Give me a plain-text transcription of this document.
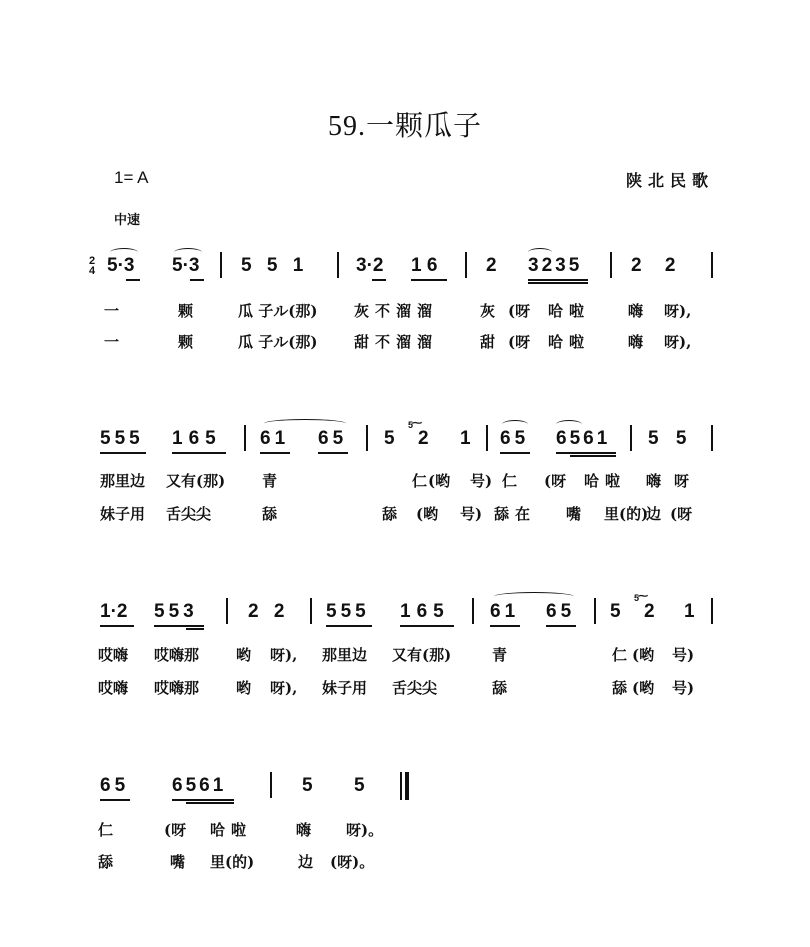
59.一颗瓜子
1= A	陕北民歌
中速
2
4 5·3 5·3 5 5 1	3·2 1 6	2 3235	2 2
一	颗	瓜 子ル(那) 灰不溜溜	灰 (呀 哈啦	嗨 呀),
一	颗	瓜 子ル(那) 甜不溜溜	甜 (呀 哈啦	嗨 呀),
555 165 61 65 5
5
⁓
2 1 65 6561 5 5
那里边 又有(那) 青	仁 (哟 号) 仁 (呀 哈啦 嗨 呀
妹子用 舌尖尖	舔	舔 (哟 号) 舔在 嘴 里(的)
边 (呀
1·2 553	2 2 555 165 61 65 5
5
⁓
2 1
哎嗨 哎嗨那 哟 呀), 那里边 又有(那)	青	仁 (哟 号)
哎嗨 哎嗨那 哟 呀), 妹子用 舌尖尖	舔	舔 (哟 号)
65 6561	5 5
仁	(呀 哈啦	嗨 呀)。
舔	嘴 里(的)	边 (呀)。
